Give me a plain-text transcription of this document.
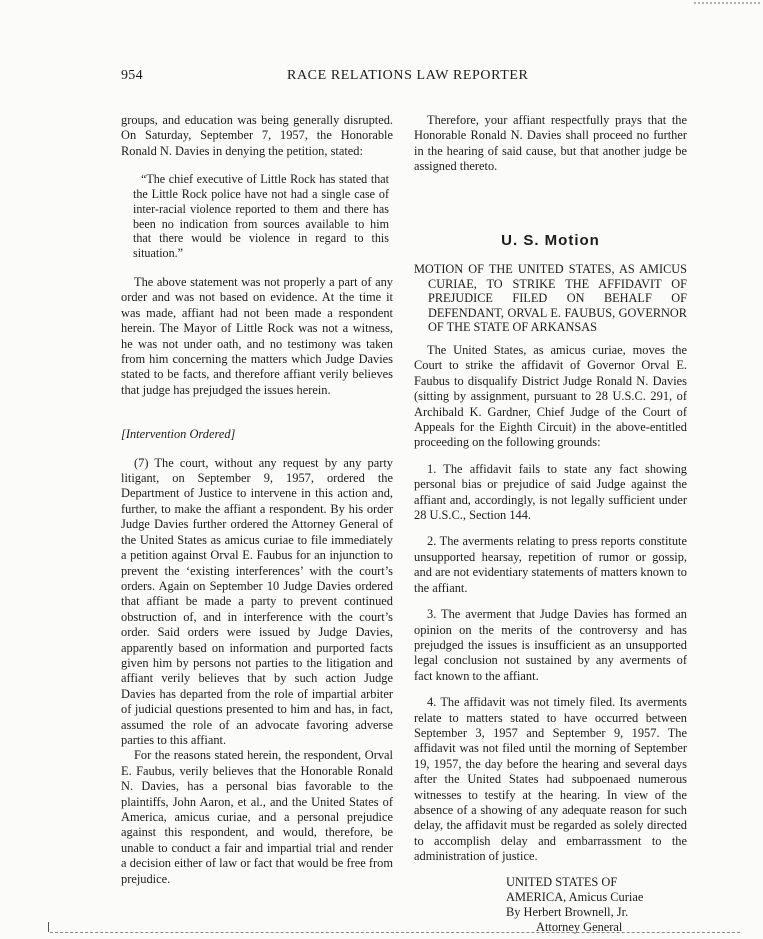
954	RACE RELATIONS LAW REPORTER

groups, and education was being generally disrupted. On Saturday, September 7, 1957, the Honorable Ronald N. Davies in denying the petition, stated:

“The chief executive of Little Rock has stated that the Little Rock police have not had a single case of inter-racial violence reported to them and there has been no indication from sources available to him that there would be violence in regard to this situation.”

The above statement was not properly a part of any order and was not based on evidence. At the time it was made, affiant had not been made a respondent herein. The Mayor of Little Rock was not a witness, he was not under oath, and no testimony was taken from him concerning the matters which Judge Davies stated to be facts, and therefore affiant verily believes that judge has prejudged the issues herein.

[Intervention Ordered]

(7) The court, without any request by any party litigant, on September 9, 1957, ordered the Department of Justice to intervene in this action and, further, to make the affiant a respondent. By his order Judge Davies further ordered the Attorney General of the United States as amicus curiae to file immediately a petition against Orval E. Faubus for an injunction to prevent the ‘existing interferences’ with the court’s orders. Again on September 10 Judge Davies ordered that affiant be made a party to prevent continued obstruction of, and in interference with the court’s order. Said orders were issued by Judge Davies, apparently based on information and purported facts given him by persons not parties to the litigation and affiant verily believes that by such action Judge Davies has departed from the role of impartial arbiter of judicial questions presented to him and has, in fact, assumed the role of an advocate favoring adverse parties to this affiant.

For the reasons stated herein, the respondent, Orval E. Faubus, verily believes that the Honorable Ronald N. Davies, has a personal bias favorable to the plaintiffs, John Aaron, et al., and the United States of America, amicus curiae, and a personal prejudice against this respondent, and would, therefore, be unable to conduct a fair and impartial trial and render a decision either of law or fact that would be free from prejudice.

Therefore, your affiant respectfully prays that the Honorable Ronald N. Davies shall proceed no further in the hearing of said cause, but that another judge be assigned thereto.

U. S. Motion
MOTION OF THE UNITED STATES, AS AMICUS CURIAE, TO STRIKE THE AFFIDAVIT OF PREJUDICE FILED ON BEHALF OF DEFENDANT, ORVAL E. FAUBUS, GOVERNOR OF THE STATE OF ARKANSAS

The United States, as amicus curiae, moves the Court to strike the affidavit of Governor Orval E. Faubus to disqualify District Judge Ronald N. Davies (sitting by assignment, pursuant to 28 U.S.C. 291, of Archibald K. Gardner, Chief Judge of the Court of Appeals for the Eighth Circuit) in the above-entitled proceeding on the following grounds:

1. The affidavit fails to state any fact showing personal bias or prejudice of said Judge against the affiant and, accordingly, is not legally sufficient under 28 U.S.C., Section 144.

2. The averments relating to press reports constitute unsupported hearsay, repetition of rumor or gossip, and are not evidentiary statements of matters known to the affiant.

3. The averment that Judge Davies has formed an opinion on the merits of the controversy and has prejudged the issues is insufficient as an unsupported legal conclusion not sustained by any averments of fact known to the affiant.

4. The affidavit was not timely filed. Its averments relate to matters stated to have occurred between September 3, 1957 and September 9, 1957. The affidavit was not filed until the morning of September 19, 1957, the day before the hearing and several days after the United States had subpoenaed numerous witnesses to testify at the hearing. In view of the absence of a showing of any adequate reason for such delay, the affidavit must be regarded as solely directed to accomplish delay and embarrassment to the administration of justice.

UNITED STATES OF
AMERICA, Amicus Curiae
By Herbert Brownell, Jr.
Attorney General
